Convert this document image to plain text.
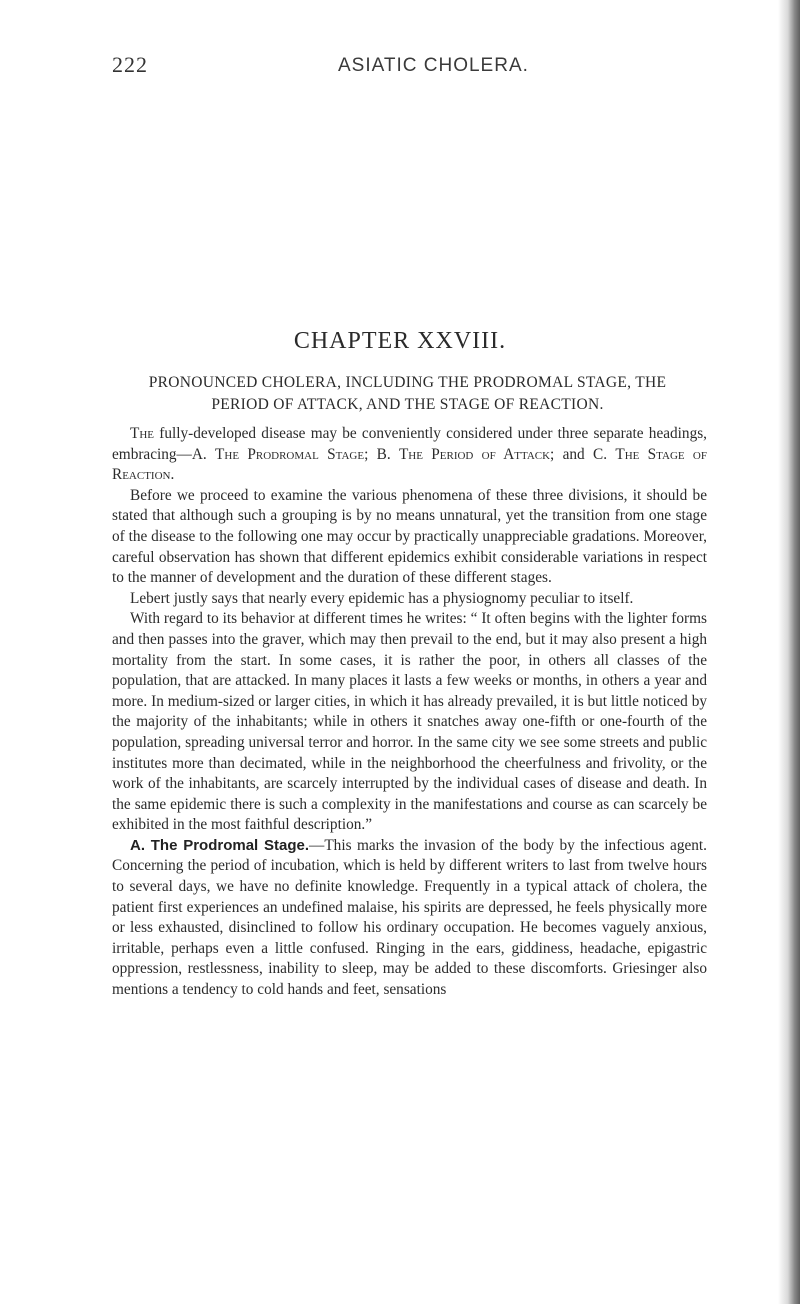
222	ASIATIC CHOLERA.
CHAPTER XXVIII.
PRONOUNCED CHOLERA, INCLUDING THE PRODROMAL STAGE, THE PERIOD OF ATTACK, AND THE STAGE OF REACTION.

The fully-developed disease may be conveniently considered under three separate headings, embracing—A. The Prodromal Stage; B. The Period of Attack; and C. The Stage of Reaction.

Before we proceed to examine the various phenomena of these three divisions, it should be stated that although such a grouping is by no means unnatural, yet the transition from one stage of the disease to the following one may occur by practically unappreciable gradations. Moreover, careful observation has shown that different epidemics exhibit considerable variations in respect to the manner of development and the duration of these different stages.

Lebert justly says that nearly every epidemic has a physiognomy peculiar to itself.

With regard to its behavior at different times he writes: “ It often begins with the lighter forms and then passes into the graver, which may then prevail to the end, but it may also present a high mortality from the start. In some cases, it is rather the poor, in others all classes of the population, that are attacked. In many places it lasts a few weeks or months, in others a year and more. In medium-sized or larger cities, in which it has already prevailed, it is but little noticed by the majority of the inhabitants; while in others it snatches away one-fifth or one-fourth of the population, spreading universal terror and horror. In the same city we see some streets and public institutes more than decimated, while in the neighborhood the cheerfulness and frivolity, or the work of the inhabitants, are scarcely interrupted by the individual cases of disease and death. In the same epidemic there is such a complexity in the manifestations and course as can scarcely be exhibited in the most faithful description.”

A. The Prodromal Stage.—This marks the invasion of the body by the infectious agent. Concerning the period of incubation, which is held by different writers to last from twelve hours to several days, we have no definite knowledge. Frequently in a typical attack of cholera, the patient first experiences an undefined malaise, his spirits are depressed, he feels physically more or less exhausted, disinclined to follow his ordinary occupation. He becomes vaguely anxious, irritable, perhaps even a little confused. Ringing in the ears, giddiness, headache, epigastric oppression, restlessness, inability to sleep, may be added to these discomforts. Griesinger also mentions a tendency to cold hands and feet, sensations
